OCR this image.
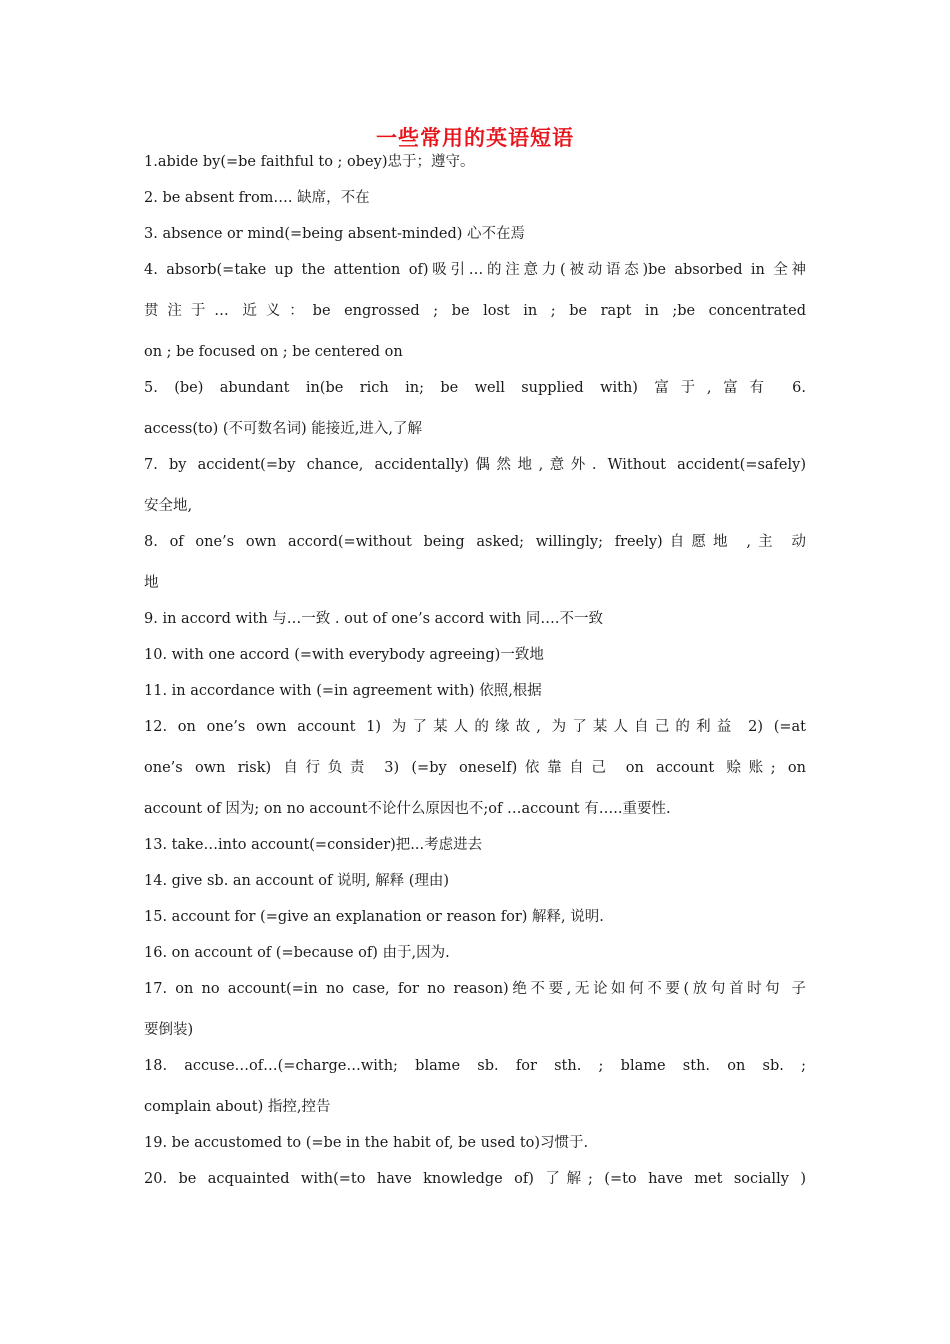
一些常用的英语短语
1.abide by(=be faithful to ; obey)忠于；遵守。
2. be absent from…. 缺席，不在
3. absence or mind(=being absent-minded) 心不在焉
4. absorb(=take up the attention of)吸引…的注意力(被动语态)be absorbed in 全神
贯注于… 近义：be engrossed ; be lost in ; be rapt in ;be concentrated
on ; be focused on ; be centered on
5. (be) abundant in(be rich in; be well supplied with) 富于,富有 6.
access(to) (不可数名词) 能接近,进入,了解
7. by accident(=by chance, accidentally)偶然地,意外. Without accident(=safely)
安全地,
8. of one’s own accord(=without being asked; willingly; freely)自愿地 ,主 动
地
9. in accord with 与…一致 . out of one’s accord with 同….不一致
10. with one accord (=with everybody agreeing)一致地
11. in accordance with (=in agreement with) 依照,根据
12. on one’s own account 1) 为了某人的缘故, 为了某人自己的利益 2) (=at
one’s own risk) 自行负责 3) (=by oneself)依靠自己 on account 赊账; on
account of 因为; on no account不论什么原因也不;of …account 有…..重要性.
13. take…into account(=consider)把...考虑进去
14. give sb. an account of 说明, 解释 (理由)
15. account for (=give an explanation or reason for) 解释, 说明.
16. on account of (=because of) 由于,因为.
17. on no account(=in no case, for no reason)绝不要,无论如何不要(放句首时句 子
要倒装)
18. accuse…of…(=charge…with; blame sb. for sth. ; blame sth. on sb. ;
complain about) 指控,控告
19. be accustomed to (=be in the habit of, be used to)习惯于.
20. be acquainted with(=to have knowledge of) 了解; (=to have met socially )
